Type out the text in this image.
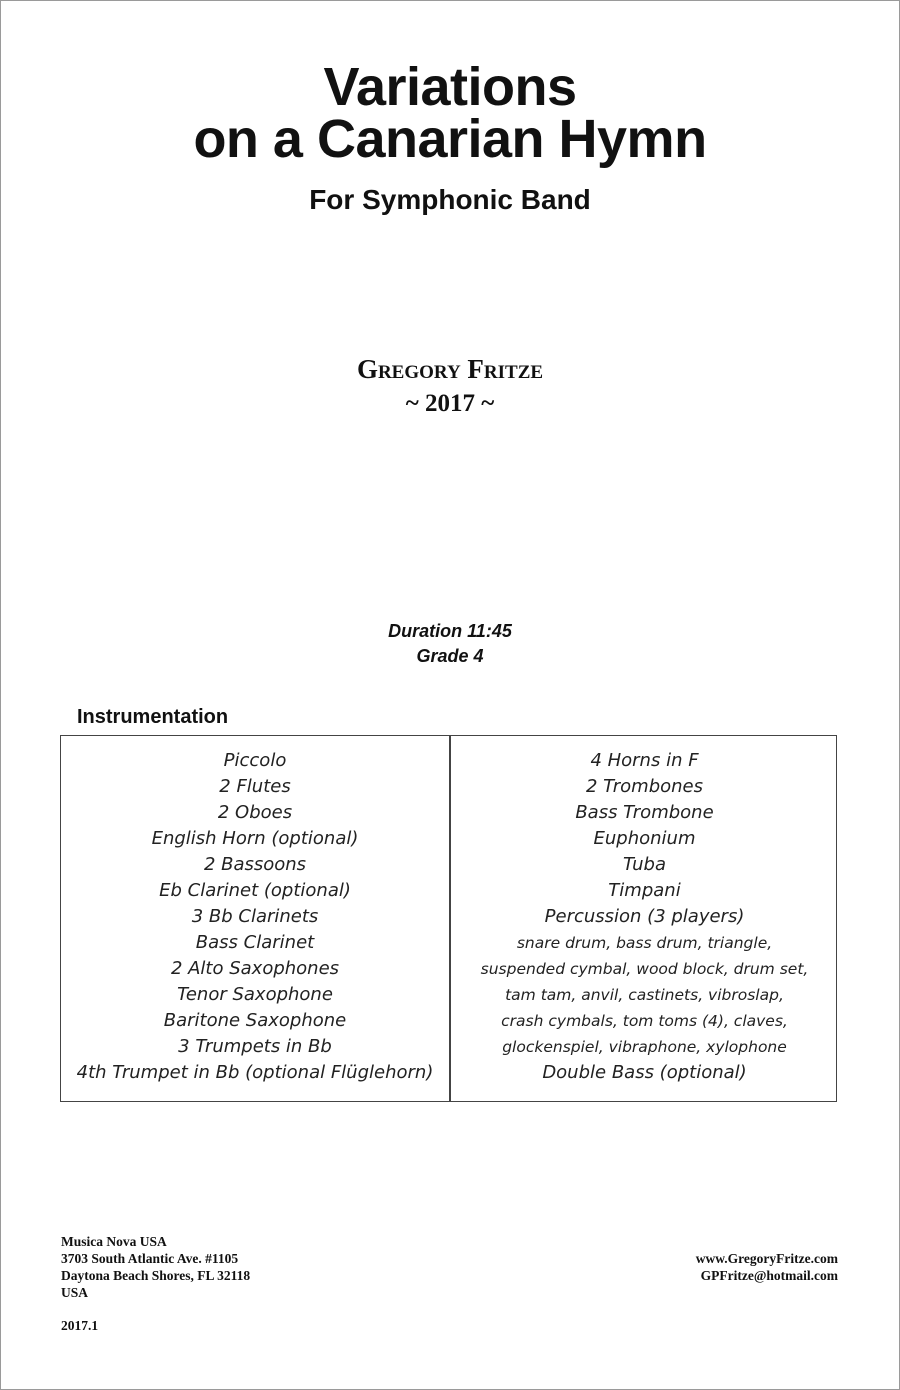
Variations
on a Canarian Hymn
For Symphonic Band
Gregory Fritze
~ 2017 ~
Duration 11:45
Grade 4
Instrumentation
Piccolo
2 Flutes
2 Oboes
English Horn (optional)
2 Bassoons
Eb Clarinet (optional)
3 Bb Clarinets
Bass Clarinet
2 Alto Saxophones
Tenor Saxophone
Baritone Saxophone
3 Trumpets in Bb
4th Trumpet in Bb (optional Flüglehorn)
4 Horns in F
2 Trombones
Bass Trombone
Euphonium
Tuba
Timpani
Percussion (3 players)
snare drum, bass drum, triangle,
suspended cymbal, wood block, drum set,
tam tam, anvil, castinets, vibroslap,
crash cymbals, tom toms (4), claves,
glockenspiel, vibraphone, xylophone
Double Bass (optional)
Musica Nova USA
3703 South Atlantic Ave. #1105
Daytona Beach Shores, FL 32118
USA
www.GregoryFritze.com
GPFritze@hotmail.com
2017.1
